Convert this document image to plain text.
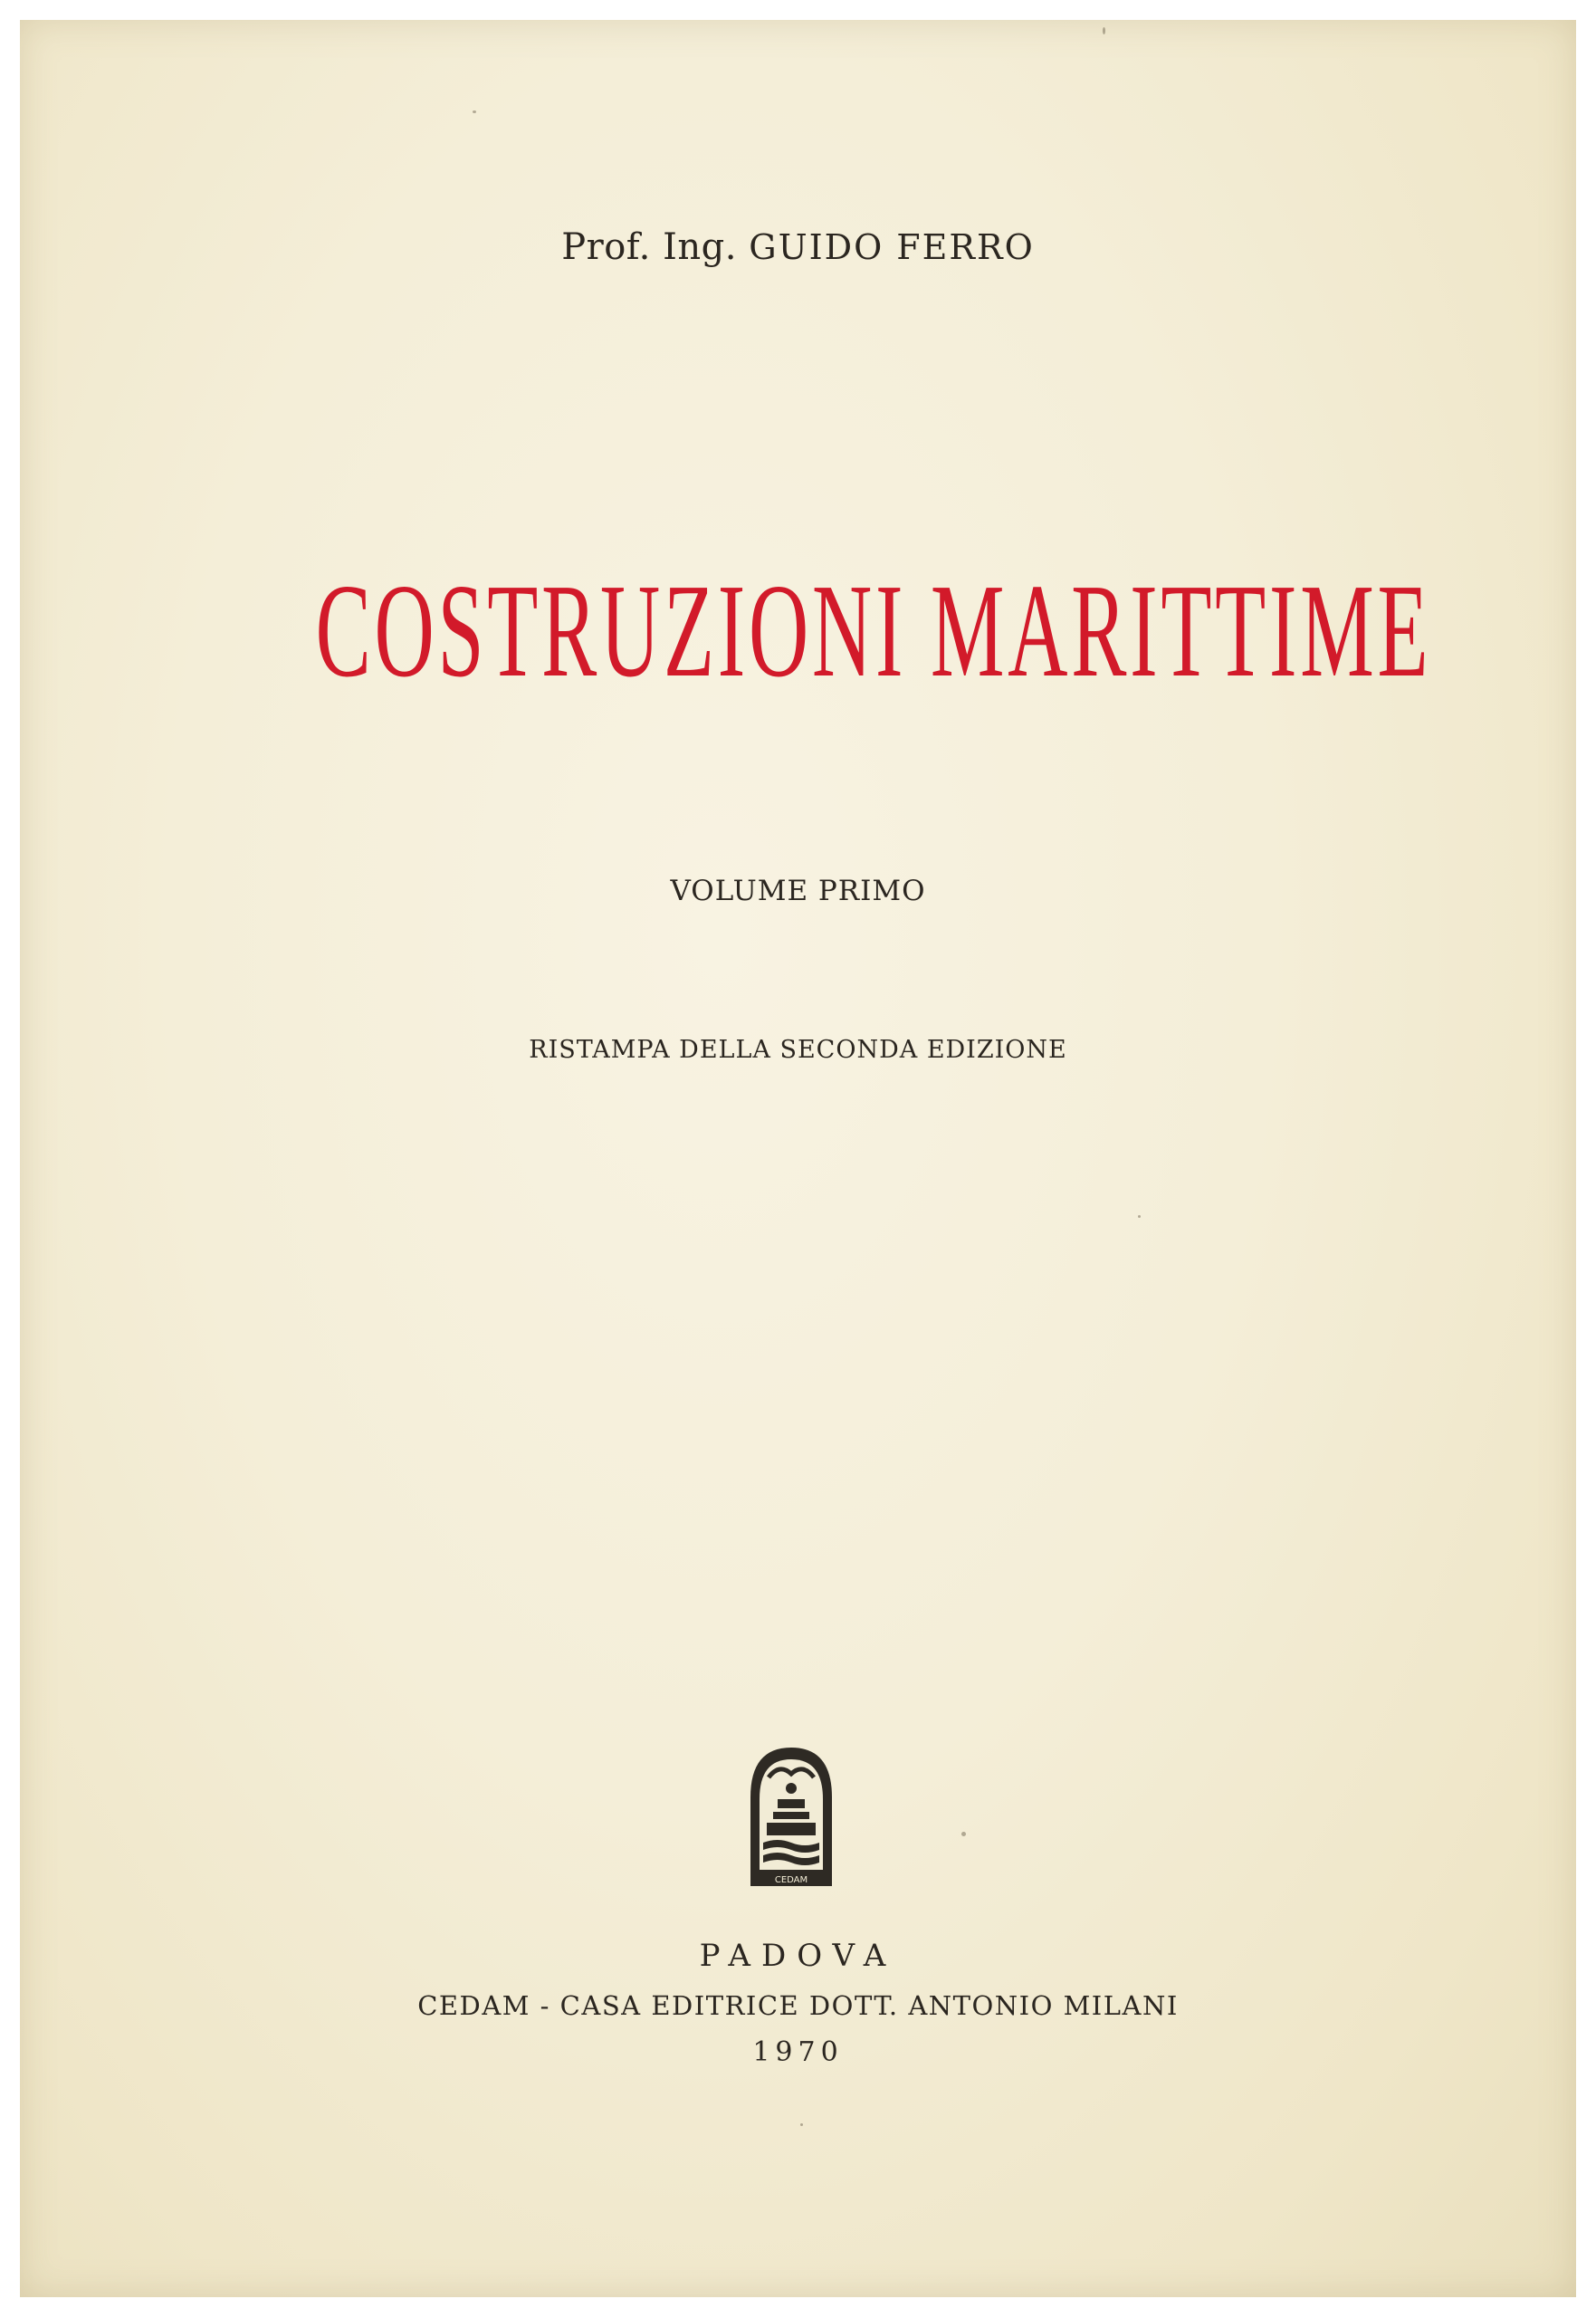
Prof. Ing. GUIDO FERRO
COSTRUZIONI MARITTIME
VOLUME PRIMO
RISTAMPA DELLA SECONDA EDIZIONE
CEDAM
PADOVA
CEDAM - CASA EDITRICE DOTT. ANTONIO MILANI
1970
